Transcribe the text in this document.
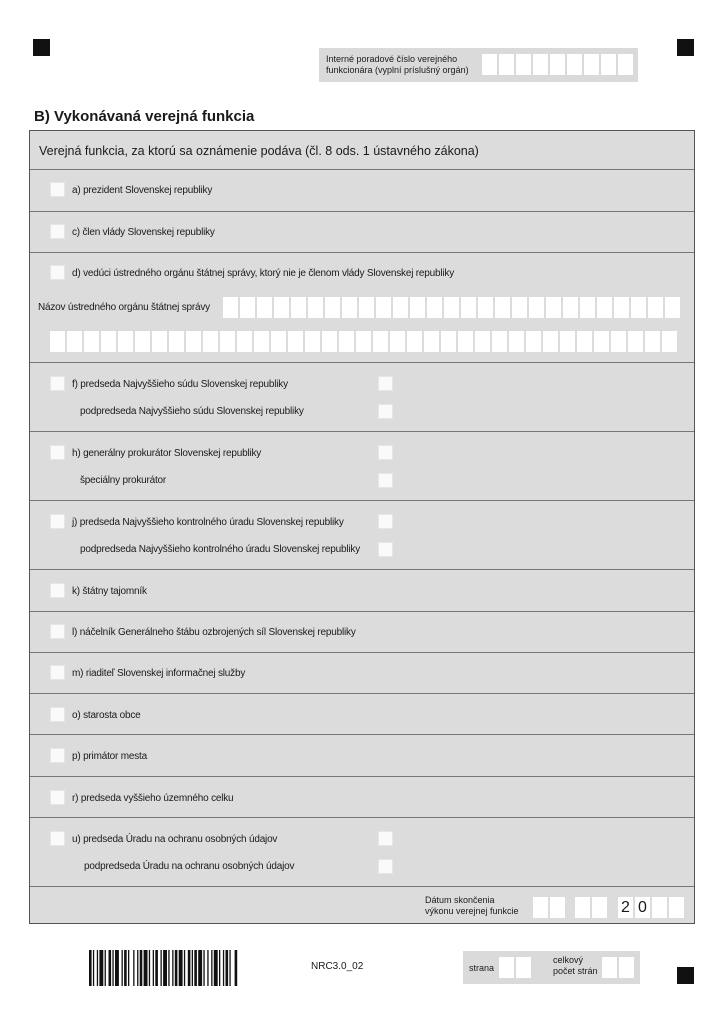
Interné poradové číslo verejného
funkcionára (vyplní príslušný orgán)
B) Vykonávaná verejná funkcia
Verejná funkcia, za ktorú sa oznámenie podáva (čl. 8 ods. 1 ústavného zákona)
a) prezident Slovenskej republiky
c) člen vlády Slovenskej republiky
d) vedúci ústredného orgánu štátnej správy, ktorý nie je členom vlády Slovenskej republiky
Názov ústredného orgánu štátnej správy
f) predseda Najvyššieho súdu Slovenskej republiky
podpredseda Najvyššieho súdu Slovenskej republiky
h) generálny prokurátor Slovenskej republiky
špeciálny prokurátor
j) predseda Najvyššieho kontrolného úradu Slovenskej republiky
podpredseda Najvyššieho kontrolného úradu Slovenskej republiky
k) štátny tajomník
l) náčelník Generálneho štábu ozbrojených síl Slovenskej republiky
m) riaditeľ Slovenskej informačnej služby
o) starosta obce
p) primátor mesta
r) predseda vyššieho územného celku
u) predseda Úradu na ochranu osobných údajov
podpredseda Úradu na ochranu osobných údajov
Dátum skončenia
výkonu verejnej funkcie	2 0
NRC3.0_02	strana
celkový
počet strán
